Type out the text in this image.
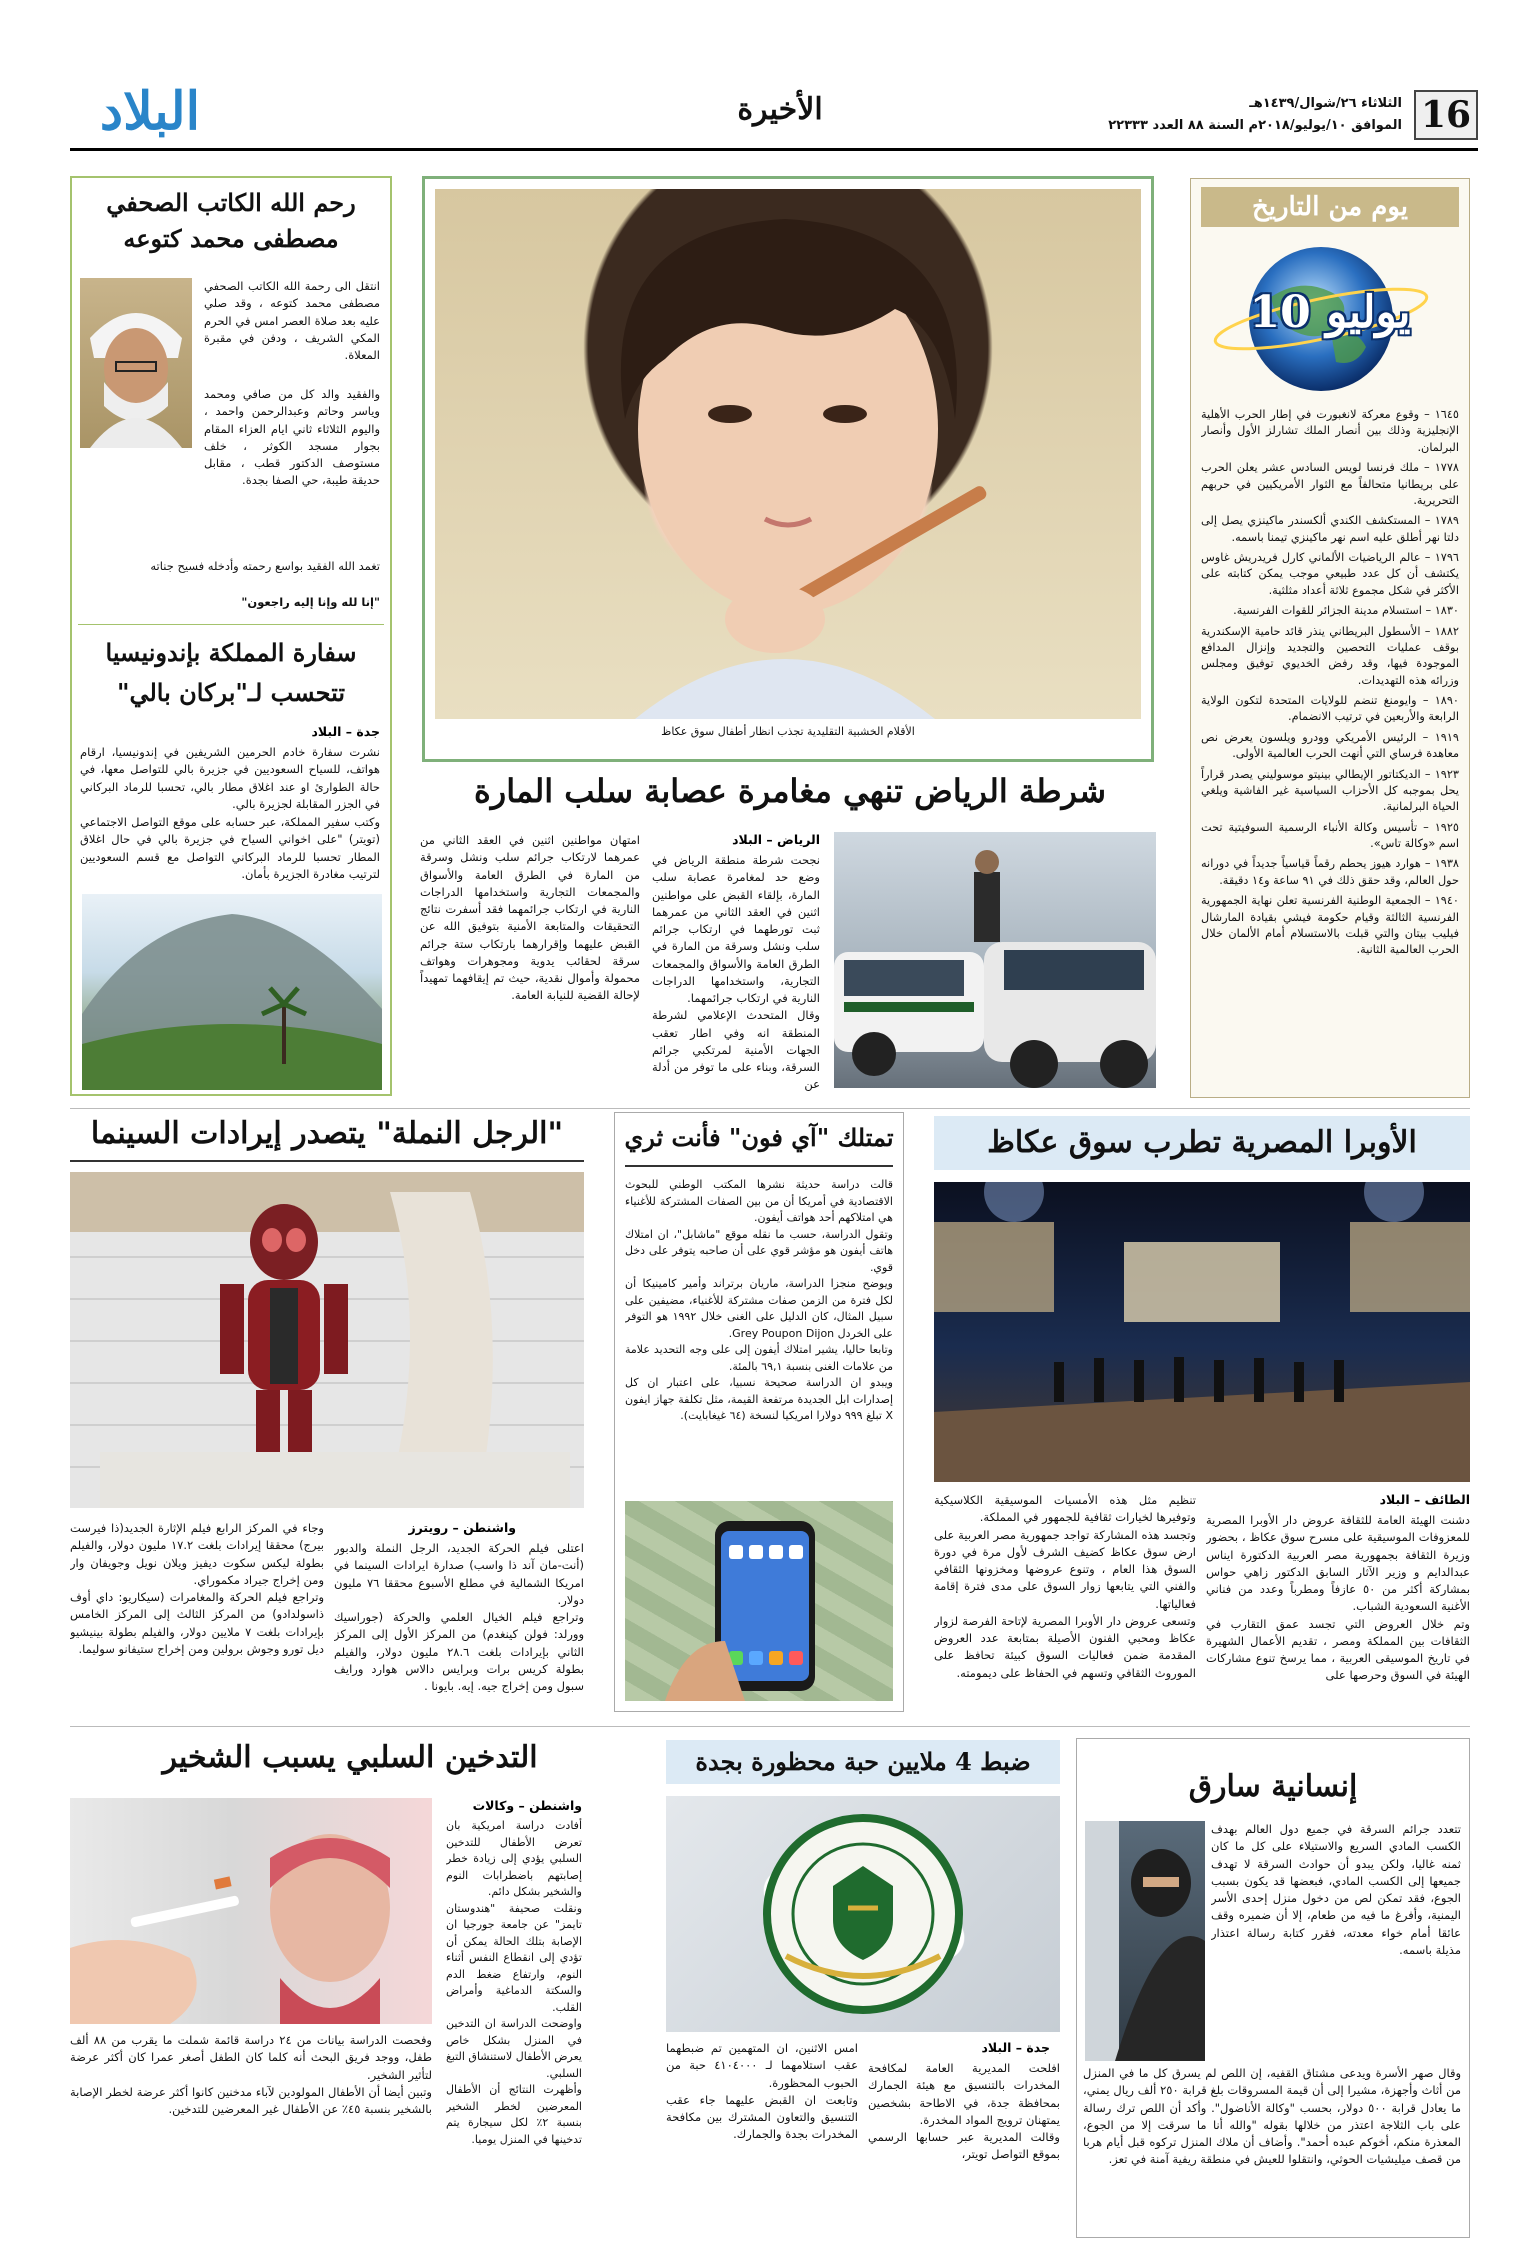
16
الثلاثاء ٢٦/شوال/١٤٣٩هـ
الموافق ١٠/يوليو/٢٠١٨م السنة ٨٨ العدد ٢٢٣٣٣
الأخيرة
البلاد
يوم من التاريخ
10 يوليو

١٦٤٥ – وقوع معركة لانغبورت في إطار الحرب الأهلية الإنجليزية وذلك بين أنصار الملك تشارلز الأول وأنصار البرلمان.

١٧٧٨ – ملك فرنسا لويس السادس عشر يعلن الحرب على بريطانيا متحالفاً مع الثوار الأمريكيين في حربهم التحريرية.

١٧٨٩ – المستكشف الكندي ألكسندر ماكينزي يصل إلى دلتا نهر أطلق عليه اسم نهر ماكينزي تيمنا باسمه.

١٧٩٦ – عالم الرياضيات الألماني كارل فريدريش غاوس يكتشف أن كل عدد طبيعي موجب يمكن كتابته على الأكثر في شكل مجموع ثلاثة أعداد مثلثية.

١٨٣٠ – استسلام مدينة الجزائر للقوات الفرنسية.

١٨٨٢ – الأسطول البريطاني ينذر قائد حامية الإسكندرية بوقف عمليات التحصين والتجديد وإنزال المدافع الموجودة فيها، وقد رفض الخديوي توفيق ومجلس وزرائه هذه التهديدات.

١٨٩٠ – وايومنغ تنضم للولايات المتحدة لتكون الولاية الرابعة والأربعين في ترتيب الانضمام.

١٩١٩ – الرئيس الأمريكي وودرو ويلسون يعرض نص معاهدة فرساي التي أنهت الحرب العالمية الأولى.

١٩٢٣ – الديكتاتور الإيطالي بينيتو موسوليني يصدر قراراً يحل بموجبه كل الأحزاب السياسية غير الفاشية ويلغي الحياة البرلمانية.

١٩٢٥ – تأسيس وكالة الأنباء الرسمية السوفيتية تحت اسم «وكالة تاس».

١٩٣٨ – هوارد هيوز يحطم رقماً قياسياً جديداً في دورانه حول العالم، وقد حقق ذلك في ٩١ ساعة و١٤ دقيقة.

١٩٤٠ – الجمعية الوطنية الفرنسية تعلن نهاية الجمهورية الفرنسية الثالثة وقيام حكومة فيشي بقيادة المارشال فيليب بيتان والتي قبلت بالاستسلام أمام الألمان خلال الحرب العالمية الثانية.

الأقلام الخشبية التقليدية تجذب انظار أطفال سوق عكاظ
رحم الله الكاتب الصحفي
مصطفى محمد كتوعه

انتقل الى رحمة الله الكاتب الصحفي مصطفى محمد كتوعه ، وقد صلي عليه بعد صلاة العصر امس في الحرم المكي الشريف ، ودفن في مقبرة المعلاة.

والفقيد والد كل من صافي ومحمد وياسر وحاتم وعبدالرحمن واحمد ، واليوم الثلاثاء ثاني ايام العزاء المقام بجوار مسجد الكوثر ، خلف مستوصف الدكتور قطب ، مقابل حديقة طيبة، حي الصفا بجدة.

تغمد الله الفقيد بواسع رحمته وأدخله فسيح جناته

"إنا لله وإنا إليه راجعون"

سفارة المملكة بإندونيسيا
تتحسب لـ"بركان بالي"
جدة – البلاد

نشرت سفارة خادم الحرمين الشريفين في إندونيسيا، ارقام هواتف، للسياح السعوديين في جزيرة بالي للتواصل معها، في حالة الطوارئ او عند اغلاق مطار بالي، تحسبا للرماد البركاني في الجزر المقابلة لجزيرة بالي.

وكتب سفير المملكة، عبر حسابه على موقع التواصل الاجتماعي (تويتر) "على اخواني السياح في جزيرة بالي في حال اغلاق المطار تحسبا للرماد البركاني التواصل مع قسم السعوديين لترتيب مغادرة الجزيرة بأمان.

شرطة الرياض تنهي مغامرة عصابة سلب المارة
الرياض – البلاد

نجحت شرطة منطقة الرياض في وضع حد لمغامرة عصابة سلب المارة، بإلقاء القبض على مواطنين اثنين في العقد الثاني من عمرهما ثبت تورطهما في ارتكاب جرائم سلب ونشل وسرقة من المارة في الطرق العامة والأسواق والمجمعات التجارية، واستخدامها الدراجات النارية في ارتكاب جرائمهما.
وقال المتحدث الإعلامي لشرطة المنطقة انه وفي اطار تعقب الجهات الأمنية لمرتكبي جرائم السرقة، وبناء على ما توفر من أدلة عن

امتهان مواطنين اثنين في العقد الثاني من عمرهما لارتكاب جرائم سلب ونشل وسرقة من المارة في الطرق العامة والأسواق والمجمعات التجارية واستخدامها الدراجات النارية في ارتكاب جرائمهما فقد أسفرت نتائج التحقيقات والمتابعة الأمنية بتوفيق الله عن القبض عليهما وإقرارهما بارتكاب ستة جرائم سرقة لحقائب يدوية ومجوهرات وهواتف محمولة وأموال نقدية، حيث تم إيقافهما تمهيداً لإحالة القضية للنيابة العامة.

الأوبرا المصرية تطرب سوق عكاظ
الطائف – البلاد

دشنت الهيئة العامة للثقافة عروض دار الأوبرا المصرية للمعزوفات الموسيقية على مسرح سوق عكاظ ، بحضور وزيرة الثقافة بجمهورية مصر العربية الدكتورة ايناس عبدالدايم و وزير الآثار السابق الدكتور زاهي حواس بمشاركة أكثر من ٥٠ عازفاً ومطرباً وعدد من فناني الأغنية السعودية الشباب.
وتم خلال العروض التي تجسد عمق التقارب في الثقافات بين المملكة ومصر ، تقديم الأعمال الشهيرة في تاريخ الموسيقى العربية ، مما يرسخ تنوع مشاركات الهيئة في السوق وحرصها على

تنظيم مثل هذه الأمسيات الموسيقية الكلاسيكية وتوفيرها لخيارات ثقافية للجمهور في المملكة.
وتجسد هذه المشاركة تواجد جمهورية مصر العربية على ارض سوق عكاظ كضيف الشرف لأول مرة في دورة السوق هذا العام ، وتنوع عروضها ومخزونها الثقافي والفني التي يتابعها زوار السوق على مدى فترة إقامة فعالياتها.
وتسعى عروض دار الأوبرا المصرية لإتاحة الفرصة لزوار عكاظ ومحبي الفنون الأصيلة بمتابعة عدد العروض المقدمة ضمن فعاليات السوق كبيئة تحافظ على الموروث الثقافي وتسهم في الحفاظ على ديمومته.

تمتلك "آي فون" فأنت ثري

قالت دراسة حديثة نشرها المكتب الوطني للبحوث الاقتصادية في أمريكا أن من بين الصفات المشتركة للأغنياء هي امتلاكهم أحد هواتف أيفون.
وتقول الدراسة، حسب ما نقله موقع "ماشابل"، ان امتلاك هاتف أيفون هو مؤشر قوي على أن صاحبه يتوفر على دخل قوي.
ويوضح منجزا الدراسة، ماريان برتراند وأمير كامينيكا أن لكل فترة من الزمن صفات مشتركة للأغنياء، مضيفين على سبيل المثال، كان الدليل على الغنى خلال ١٩٩٢ هو التوفر على الخردل Grey Poupon Dijon.
وتابعا حاليا، يشير امتلاك أيفون إلى على وجه التحديد علامة من علامات الغنى بنسبة ٦٩,١ بالمئة.
ويبدو ان الدراسة صحيحة نسبيا، على اعتبار ان كل إصدارات ابل الجديدة مرتفعة القيمة، مثل تكلفة جهاز ايفون X تبلغ ٩٩٩ دولارا امريكيا لنسخة (٦٤ غيغابايت).

"الرجل النملة" يتصدر إيرادات السينما
واشنطن – رويترز

اعتلى فيلم الحركة الجديد، الرجل النملة والدبور (أنت-مان آند ذا واسب) صدارة ايرادات السينما في امريكا الشمالية في مطلع الأسبوع محققا ٧٦ مليون دولار.
وتراجع فيلم الخيال العلمي والحركة (جوراسيك وورلد: فولن كينغدم) من المركز الأول إلى المركز الثاني بإيرادات بلغت ٢٨.٦ مليون دولار، والفيلم بطولة كريس برات وبرايس دالاس هوارد ورايف سبول ومن إخراج جيه. إيه. بايونا .

وجاء في المركز الرابع فيلم الإثارة الجديد(ذا فيرست بيرج) محققا إيرادات بلغت ١٧.٢ مليون دولار، والفيلم بطولة ليكس سكوت ديفيز ويلان نويل وجويفان وار ومن إخراج جيراد مكموراي.
وتراجع فيلم الحركة والمغامرات (سيكاريو: داي أوف ذاسولدادو) من المركز الثالث إلى المركز الخامس بإيرادات بلغت ٧ ملايين دولار، والفيلم بطولة بينيشيو ديل تورو وجوش برولين ومن إخراج ستيفانو سوليما.

إنسانية سارق

تتعدد جرائم السرقة في جميع دول العالم بهدف الكسب المادي السريع والاستيلاء على كل ما كان ثمنه غاليا، ولكن يبدو أن حوادث السرقة لا تهدف جميعها إلى الكسب المادي، فبعضها قد يكون بسبب الجوع، فقد تمكن لص من دخول منزل إحدى الأسر اليمنية، وأفرغ ما فيه من طعام، إلا أن ضميره وقف عائقا أمام خواء معدته، فقرر كتابة رسالة اعتذار مذيلة باسمه.

وقال صهر الأسرة ويدعى مشتاق القفيه، إن اللص لم يسرق كل ما في المنزل من أثاث وأجهزة، مشيرا إلى أن قيمة المسروقات بلغ قرابة ٢٥٠ ألف ريال يمني، ما يعادل قرابة ٥٠٠ دولار، بحسب "وكالة الأناضول". وأكد أن اللص ترك رسالة على باب الثلاجة اعتذر من خلالها بقوله "والله أنا ما سرقت إلا من الجوع، المعذرة منكم، أخوكم عبده أحمد". وأضاف أن ملاك المنزل تركوه قبل أيام هربا من قصف ميليشيات الحوثي، وانتقلوا للعيش في منطقة ريفية آمنة في تعز.

ضبط 4 ملايين حبة محظورة بجدة
جدة – البلاد

افلحت المديرية العامة لمكافحة المخدرات بالتنسيق مع هيئة الجمارك بمحافظة جدة، في الاطاحة بشخصين يمتهنان ترويج المواد المخدرة.
وقالت المديرية عبر حسابها الرسمي بموقع التواصل تويتر،

امس الاثنين، ان المتهمين تم ضبطهما عقب استلامهما لـ ٤١٠٤٠٠٠ حبة من الحبوب المحظورة.
وتابعت ان القبض عليهما جاء عقب التنسيق والتعاون المشترك بين مكافحة المخدرات بجدة والجمارك.

التدخين السلبي يسبب الشخير
واشنطن – وكالات

أفادت دراسة امريكية بان تعرض الأطفال للتدخين السلبي يؤدي إلى زيادة خطر إصابتهم باضطرابات النوم والشخير بشكل دائم.
ونقلت صحيفة "هندوستان تايمز" عن جامعة جورجيا ان الإصابة بتلك الحالة يمكن أن تؤدي إلى انقطاع النفس أثناء النوم، وارتفاع ضغط الدم والسكتة الدماغية وأمراض القلب.
واوضحت الدراسة ان التدخين في المنزل بشكل خاص يعرض الأطفال لاستنشاق التبغ السلبي.
وأظهرت النتائج أن الأطفال المعرضين لخطر الشخير بنسبة ٢٪ لكل سيجارة يتم تدخينها في المنزل يوميا.

وفحصت الدراسة بيانات من ٢٤ دراسة قائمة شملت ما يقرب من ٨٨ ألف طفل، ووجد فريق البحث أنه كلما كان الطفل أصغر عمرا كان أكثر عرضة لتأثير الشخير.
وتبين أيضا أن الأطفال المولودين لآباء مدخنين كانوا أكثر عرضة لخطر الإصابة بالشخير بنسبة ٤٥٪ عن الأطفال غير المعرضين للتدخين.
